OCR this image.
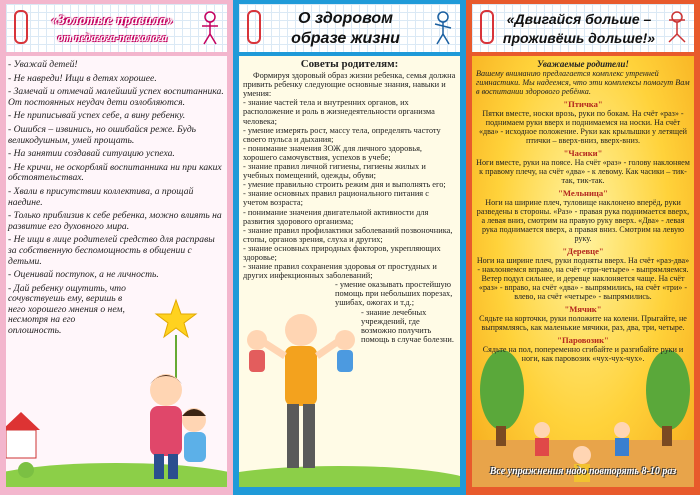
«Золотые правила»
от педагога-психолога

- Уважай детей!

- Не навреди! Ищи в детях хорошее.

- Замечай и отмечай малейший успех воспитанника. От постоянных неудач дети озлобляются.

- Не приписывай успех себе, а вину ребенку.

- Ошибся – извинись, но ошибайся реже. Будь великодушным, умей прощать.

- На занятии создавай ситуацию успеха.

- Не кричи, не оскорбляй воспитанника ни при каких обстоятельствах.

- Хвали в присутствии коллектива, а прощай наедине.

- Только приблизив к себе ребенка, можно влиять на развитие его духовного мира.

- Не ищи в лице родителей средство для расправы за собственную беспомощность в общении с детьми.

- Оценивай поступок, а не личность.

- Дай ребенку ощутить, что сочувствуешь ему, веришь в него хорошего мнения о нем, несмотря на его оплошность.

О здоровом
образе жизни
Советы родителям:

Формируя здоровый образ жизни ребенка, семья должна привить ребенку следующие основные знания, навыки и умения:

- знание частей тела и внутренних органов, их расположение и роль в жизнедеятельности организма человека;

- умение измерять рост, массу тела, определять частоту своего пульса и дыхания;

- понимание значения ЗОЖ для личного здоровья, хорошего самочувствия, успехов в учебе;

- знание правил личной гигиены, гигиены жилых и учебных помещений, одежды, обуви;

- умение правильно строить режим дня и выполнять его;

- знание основных правил рационального питания с учетом возраста;

- понимание значения двигательной активности для развития здорового организма;

- знание правил профилактики заболеваний позвоночника, стопы, органов зрения, слуха и других;

- знание основных природных факторов, укрепляющих здоровье;

- знание правил сохранения здоровья от простудных и других инфекционных заболеваний;

- умение оказывать простейшую помощь при небольших порезах, ушибах, ожогах и т.д.;

- знание лечебных учреждений, где возможно получить помощь в случае болезни.

«Двигайся больше –
проживёшь дольше!»

Уважаемые родители!

Вашему вниманию предлагается комплекс утренней гимнастики. Мы надеемся, что эти комплексы помогут Вам в воспитании здорового ребёнка.

"Птичка"

Пятки вместе, носки врозь, руки по бокам. На счёт «раз» - поднимаем руки вверх и поднимаемся на носки. На счёт «два» - исходное положение. Руки как крылышки у летящей птички – вверх-вниз, вверх-вниз.

"Часики"

Ноги вместе, руки на поясе. На счёт «раз» - голову наклоняем к правому плечу, на счёт «два» - к левому. Как часики – тик-так, тик-так.

"Мельница"

Ноги на ширине плеч, туловище наклонено вперёд, руки разведены в стороны. «Раз» - правая рука поднимается вверх, а левая вниз, смотрим на правую руку вверх. «Два» - левая рука поднимается вверх, а правая вниз. Смотрим на левую руку.

"Деревце"

Ноги на ширине плеч, руки подняты вверх. На счёт «раз-два» - наклоняемся вправо, на счёт «три-четыре» - выпрямляемся. Ветер подул сильнее, и деревце наклоняется чаще. На счёт «раз» - вправо, на счёт «два» - выпрямились, на счёт «три» - влево, на счёт «четыре» - выпрямились.

"Мячик"

Сядьте на корточки, руки положите на колени. Прыгайте, не выпрямляясь, как маленькие мячики, раз, два, три, четыре.

"Паровозик"

Сядьте на пол, попеременно сгибайте и разгибайте руки и ноги, как паровозик «чух-чух-чух».

Все упражнения надо повторять 8-10 раз
